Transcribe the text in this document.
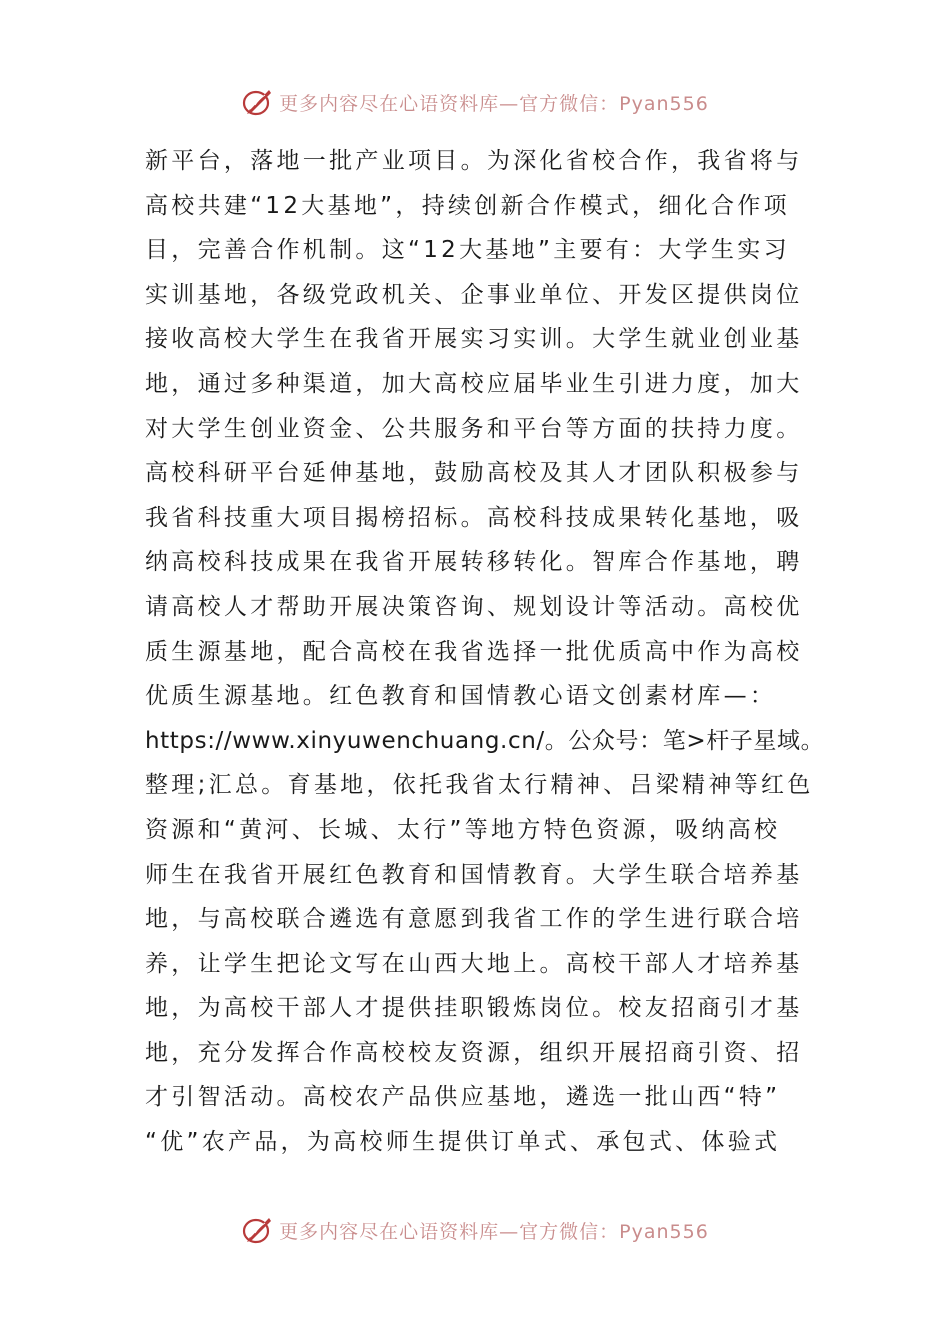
更多内容尽在心语资料库—官方微信：Pyan556
新平台，落地一批产业项目。为深化省校合作，我省将与
高校共建“12大基地”，持续创新合作模式，细化合作项
目，完善合作机制。这“12大基地”主要有：大学生实习
实训基地，各级党政机关、企事业单位、开发区提供岗位
接收高校大学生在我省开展实习实训。大学生就业创业基
地，通过多种渠道，加大高校应届毕业生引进力度，加大
对大学生创业资金、公共服务和平台等方面的扶持力度。
高校科研平台延伸基地，鼓励高校及其人才团队积极参与
我省科技重大项目揭榜招标。高校科技成果转化基地，吸
纳高校科技成果在我省开展转移转化。智库合作基地，聘
请高校人才帮助开展决策咨询、规划设计等活动。高校优
质生源基地，配合高校在我省选择一批优质高中作为高校
优质生源基地。红色教育和国情教心语文创素材库—：
https://www.xinyuwenchuang.cn/。公众号：笔>杆子星域。
整理;汇总。育基地，依托我省太行精神、吕梁精神等红色
资源和“黄河、长城、太行”等地方特色资源，吸纳高校
师生在我省开展红色教育和国情教育。大学生联合培养基
地，与高校联合遴选有意愿到我省工作的学生进行联合培
养，让学生把论文写在山西大地上。高校干部人才培养基
地，为高校干部人才提供挂职锻炼岗位。校友招商引才基
地，充分发挥合作高校校友资源，组织开展招商引资、招
才引智活动。高校农产品供应基地，遴选一批山西“特”
“优”农产品，为高校师生提供订单式、承包式、体验式
更多内容尽在心语资料库—官方微信：Pyan556
